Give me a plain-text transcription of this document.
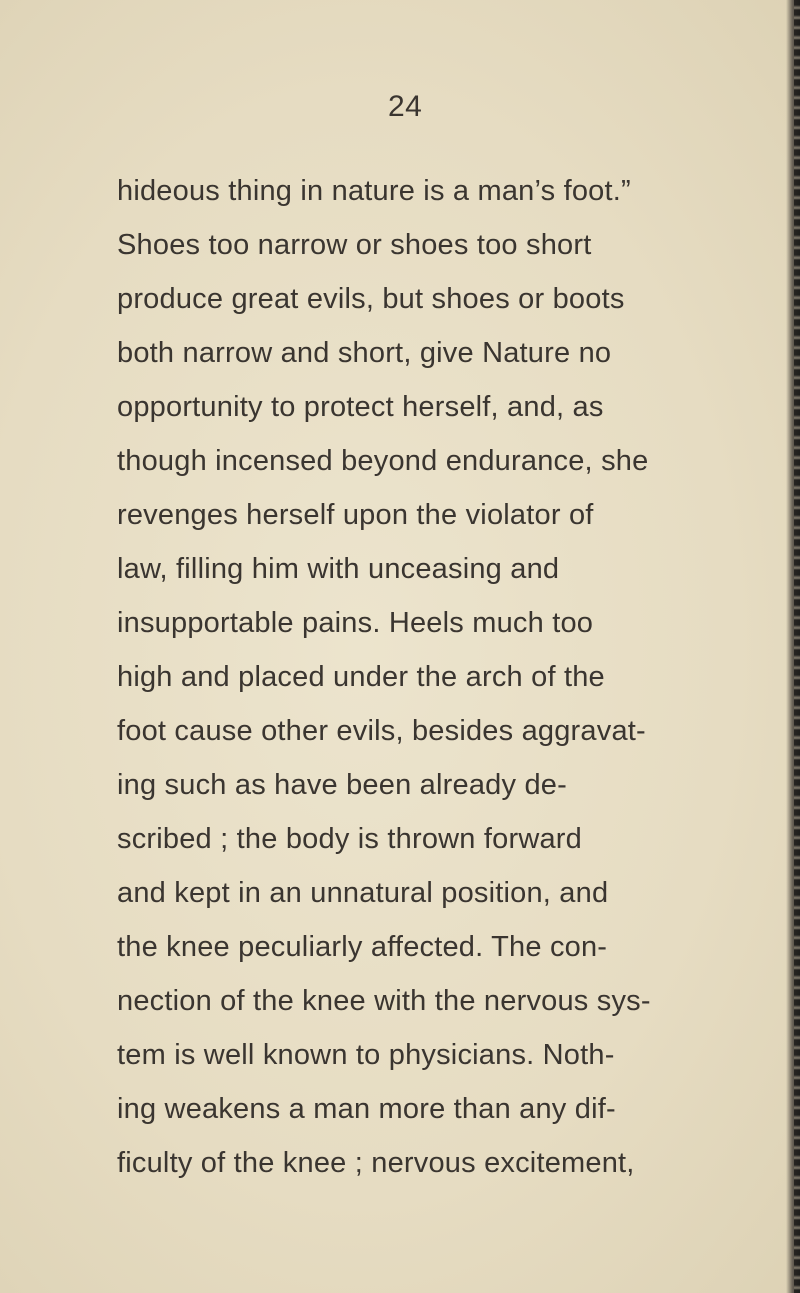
24
hideous thing in nature is a man’s foot.”
Shoes too narrow or shoes too short
produce great evils, but shoes or boots
both narrow and short, give Nature no
opportunity to protect herself, and, as
though incensed beyond endurance, she
revenges herself upon the violator of
law, filling him with unceasing and
insupportable pains. Heels much too
high and placed under the arch of the
foot cause other evils, besides aggravat-
ing such as have been already de-
scribed ; the body is thrown forward
and kept in an unnatural position, and
the knee peculiarly affected. The con-
nection of the knee with the nervous sys-
tem is well known to physicians. Noth-
ing weakens a man more than any dif-
ficulty of the knee ; nervous excitement,
